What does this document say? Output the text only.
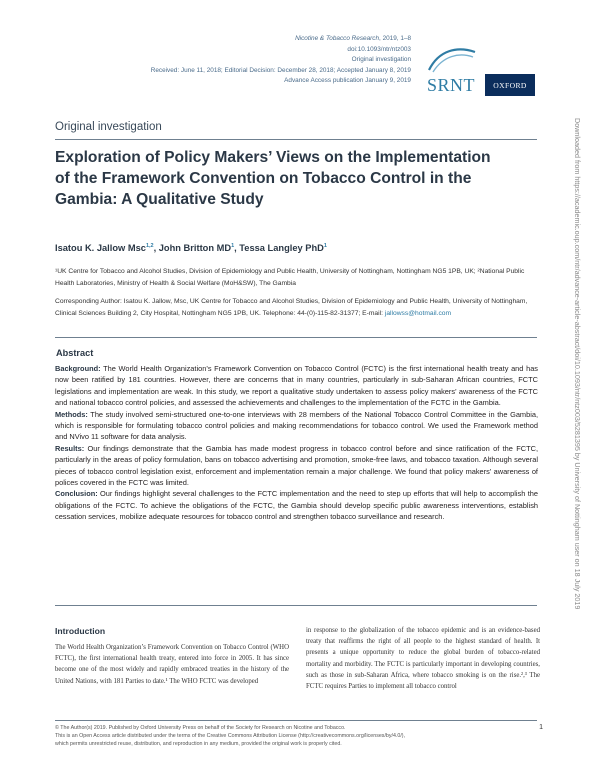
Nicotine & Tobacco Research, 2019, 1–8
doi:10.1093/ntr/ntz003
Original investigation
Received: June 11, 2018; Editorial Decision: December 28, 2018; Accepted January 8, 2019
Advance Access publication January 9, 2019 SRNT	OXFORD
Downloaded from https://academic.oup.com/ntr/advance-article-abstract/doi/10.1093/ntr/ntz003/5281395 by University of Nottingham user on 18 July 2019
Original investigation
Exploration of Policy Makers’ Views on the Implementation of the Framework Convention on Tobacco Control in the Gambia: A Qualitative Study
Isatou K. Jallow Msc$^{1,2}$, John Britton $MD^1$, Tessa Langley PhD$^1$
¹UK Centre for Tobacco and Alcohol Studies, Division of Epidemiology and Public Health, University of Nottingham, Nottingham NG5 1PB, UK; ²National Public Health Laboratories, Ministry of Health & Social Welfare (MoH&SW), The Gambia
Corresponding Author: Isatou K. Jallow, Msc, UK Centre for Tobacco and Alcohol Studies, Division of Epidemiology and Public Health, University of Nottingham, Clinical Sciences Building 2, City Hospital, Nottingham NG5 1PB, UK. Telephone: 44-(0)-115-82-31377; E-mail: jallowss@hotmail.com
Abstract

Background: The World Health Organization’s Framework Convention on Tobacco Control (FCTC) is the first international health treaty and has now been ratified by 181 countries. However, there are concerns that in many countries, particularly in sub-Saharan African countries, FCTC legislations and implementation are weak. In this study, we report a qualitative study undertaken to assess policy makers’ awareness of the FCTC and national tobacco control policies, and assessed the achievements and challenges to the implementation of the FCTC in the Gambia.

Methods: The study involved semi-structured one-to-one interviews with 28 members of the National Tobacco Control Committee in the Gambia, which is responsible for formulating tobacco control policies and making recommendations for tobacco control. We used the Framework method and NVivo 11 software for data analysis.

Results: Our findings demonstrate that the Gambia has made modest progress in tobacco control before and since ratification of the FCTC, particularly in the areas of policy formulation, bans on tobacco advertising and promotion, smoke-free laws, and tobacco taxation. Although several pieces of tobacco control legislation exist, enforcement and implementation remain a major challenge. We found that policy makers’ awareness of polices covered in the FCTC was limited.

Conclusion: Our findings highlight several challenges to the FCTC implementation and the need to step up efforts that will help to accomplish the obligations of the FCTC. To achieve the obligations of the FCTC, the Gambia should develop specific public awareness interventions, establish cessation services, mobilize adequate resources for tobacco control and strengthen tobacco surveillance and research.

Introduction
The World Health Organization’s Framework Convention on Tobacco Control (WHO FCTC), the first international health treaty, entered into force in 2005. It has since become one of the most widely and rapidly embraced treaties in the history of the United Nations, with 181 Parties to date.¹ The WHO FCTC was developed
in response to the globalization of the tobacco epidemic and is an evidence-based treaty that reaffirms the right of all people to the highest standard of health. It presents a unique opportunity to reduce the global burden of tobacco-related mortality and morbidity. The FCTC is particularly important in developing countries, such as those in sub-Saharan Africa, where tobacco smoking is on the rise.²,³ The FCTC requires Parties to implement all tobacco control
© The Author(s) 2019. Published by Oxford University Press on behalf of the Society for Research on Nicotine and Tobacco.
This is an Open Access article distributed under the terms of the Creative Commons Attribution License (http://creativecommons.org/licenses/by/4.0/),
which permits unrestricted reuse, distribution, and reproduction in any medium, provided the original work is properly cited.
1
